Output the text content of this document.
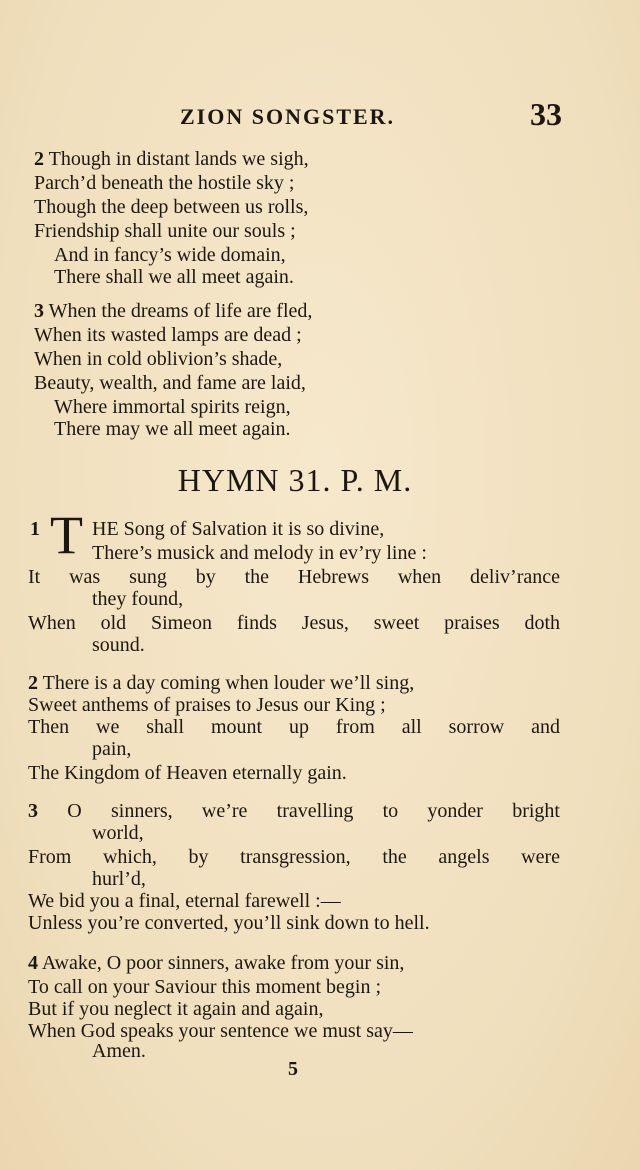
ZION SONGSTER.	33
2 Though in distant lands we sigh,
Parch’d beneath the hostile sky ;
Though the deep between us rolls,
Friendship shall unite our souls ;
And in fancy’s wide domain,
There shall we all meet again.
3 When the dreams of life are fled,
When its wasted lamps are dead ;
When in cold oblivion’s shade,
Beauty, wealth, and fame are laid,
Where immortal spirits reign,
There may we all meet again.
HYMN 31. P. M.
1 T HE Song of Salvation it is so divine,
There’s musick and melody in ev’ry line :
It was sung by the Hebrews when deliv’rance
they found,
When old Simeon finds Jesus, sweet praises doth
sound.
2 There is a day coming when louder we’ll sing,
Sweet anthems of praises to Jesus our King ;
Then we shall mount up from all sorrow and
pain,
The Kingdom of Heaven eternally gain.
3 O sinners, we’re travelling to yonder bright
world,
From which, by transgression, the angels were
hurl’d,
We bid you a final, eternal farewell :—
Unless you’re converted, you’ll sink down to hell.
4 Awake, O poor sinners, awake from your sin,
To call on your Saviour this moment begin ;
But if you neglect it again and again,
When God speaks your sentence we must say—
Amen.
5
